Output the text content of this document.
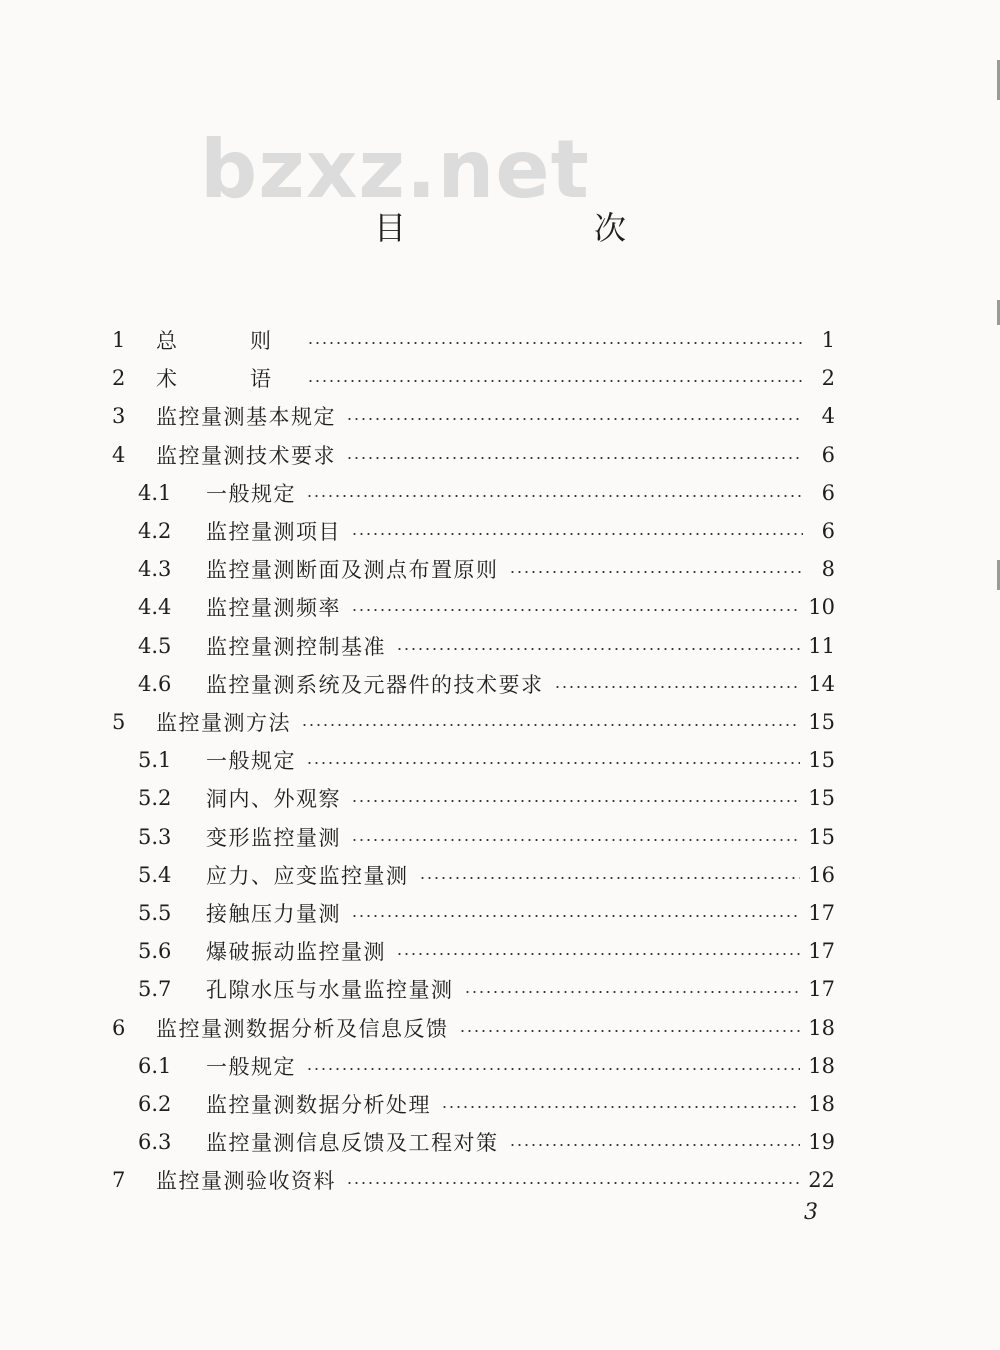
bzxz.net
目　次
1	总　则	1
2	术　语	2
3	监控量测基本规定	4
4	监控量测技术要求	6
4.1	一般规定	6
4.2	监控量测项目	6
4.3	监控量测断面及测点布置原则	8
4.4	监控量测频率	10
4.5	监控量测控制基准	11
4.6	监控量测系统及元器件的技术要求	14
5	监控量测方法	15
5.1	一般规定	15
5.2	洞内、外观察	15
5.3	变形监控量测	15
5.4	应力、应变监控量测	16
5.5	接触压力量测	17
5.6	爆破振动监控量测	17
5.7	孔隙水压与水量监控量测	17
6	监控量测数据分析及信息反馈	18
6.1	一般规定	18
6.2	监控量测数据分析处理	18
6.3	监控量测信息反馈及工程对策	19
7	监控量测验收资料	22
3
